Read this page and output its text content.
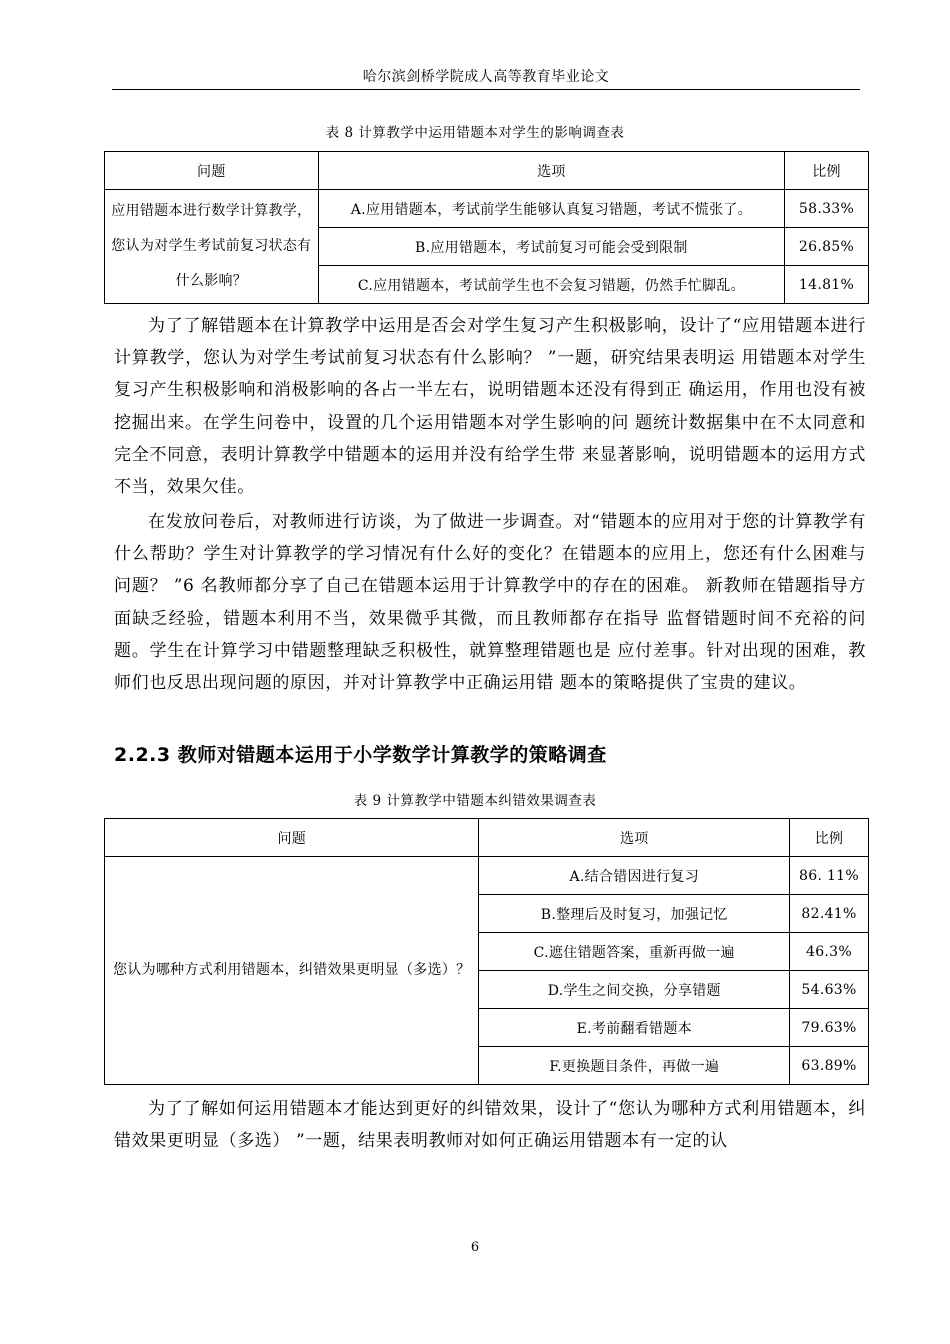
哈尔滨剑桥学院成人高等教育毕业论文
表 8 计算教学中运用错题本对学生的影响调查表
问题	选项	比例
应用错题本进行数学计算教学，您认为对学生考试前复习状态有什么影响？	A.应用错题本，考试前学生能够认真复习错题，考试不慌张了。	58.33%
	B.应用错题本，考试前复习可能会受到限制	26.85%
	C.应用错题本，考试前学生也不会复习错题，仍然手忙脚乱。	14.81%

为了了解错题本在计算教学中运用是否会对学生复习产生积极影响，设计了“应用错题本进行计算教学，您认为对学生考试前复习状态有什么影响？ ”一题，研究结果表明运 用错题本对学生复习产生积极影响和消极影响的各占一半左右，说明错题本还没有得到正 确运用，作用也没有被挖掘出来。在学生问卷中，设置的几个运用错题本对学生影响的问 题统计数据集中在不太同意和完全不同意，表明计算教学中错题本的运用并没有给学生带 来显著影响，说明错题本的运用方式不当，效果欠佳。

在发放问卷后，对教师进行访谈，为了做进一步调查。对“错题本的应用对于您的计算教学有什么帮助？学生对计算教学的学习情况有什么好的变化？在错题本的应用上，您还有什么困难与问题？ ”6 名教师都分享了自己在错题本运用于计算教学中的存在的困难。 新教师在错题指导方面缺乏经验，错题本利用不当，效果微乎其微，而且教师都存在指导 监督错题时间不充裕的问题。学生在计算学习中错题整理缺乏积极性，就算整理错题也是 应付差事。针对出现的困难，教师们也反思出现问题的原因，并对计算教学中正确运用错 题本的策略提供了宝贵的建议。

2.2.3 教师对错题本运用于小学数学计算教学的策略调查
表 9 计算教学中错题本纠错效果调查表
问题	选项	比例
您认为哪种方式利用错题本，纠错效果更明显（多选）？	A.结合错因进行复习	86. 11%
	B.整理后及时复习，加强记忆	82.41%
	C.遮住错题答案，重新再做一遍	46.3%
	D.学生之间交换，分享错题	54.63%
	E.考前翻看错题本	79.63%
	F.更换题目条件，再做一遍	63.89%

为了了解如何运用错题本才能达到更好的纠错效果，设计了“您认为哪种方式利用错题本，纠错效果更明显（多选） ”一题，结果表明教师对如何正确运用错题本有一定的认

6
